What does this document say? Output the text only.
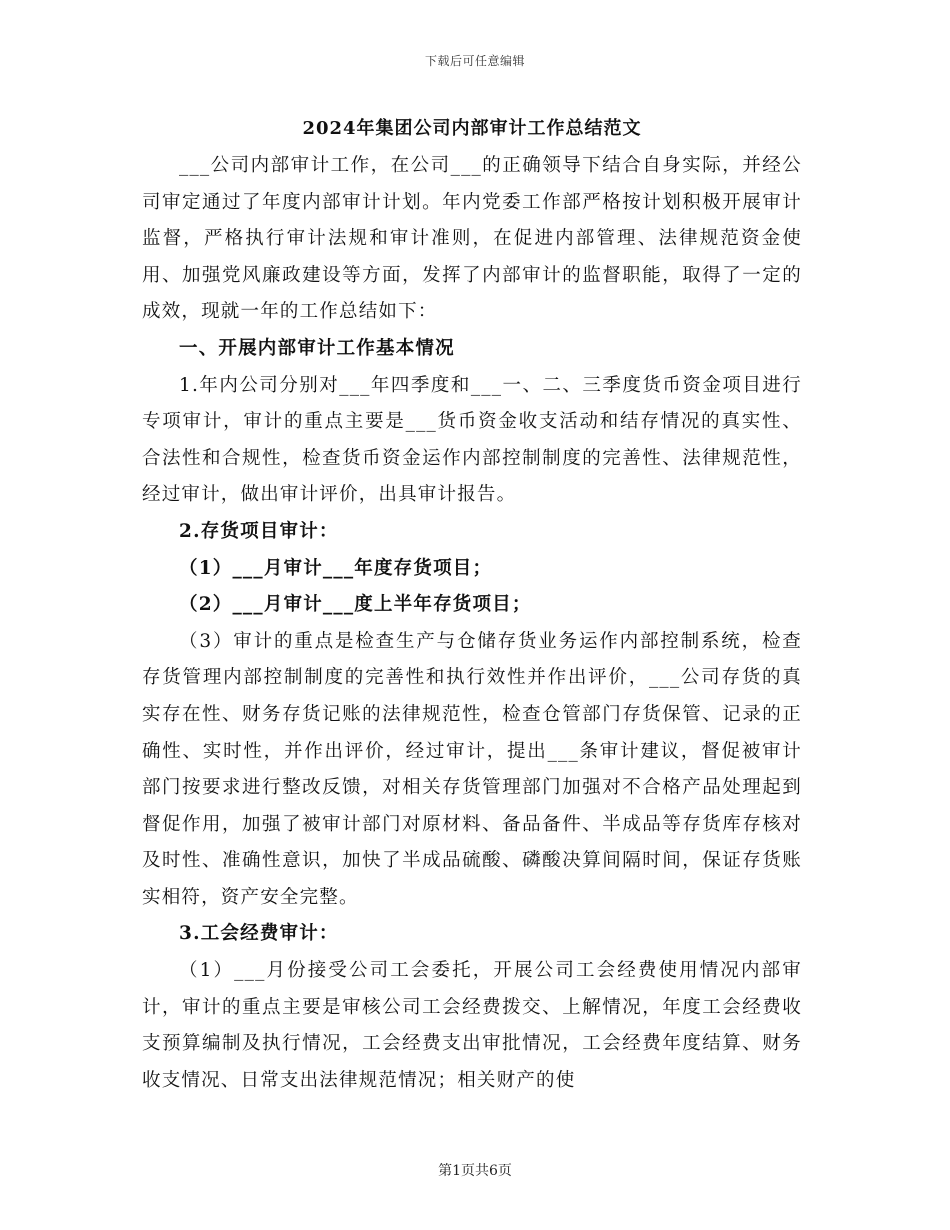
下载后可任意编辑

2024年集团公司内部审计工作总结范文

___公司内部审计工作，在公司___的正确领导下结合自身实际，并经公司审定通过了年度内部审计计划。年内党委工作部严格按计划积极开展审计监督，严格执行审计法规和审计准则，在促进内部管理、法律规范资金使用、加强党风廉政建设等方面，发挥了内部审计的监督职能，取得了一定的成效，现就一年的工作总结如下：

一、开展内部审计工作基本情况

1.年内公司分别对___年四季度和___一、二、三季度货币资金项目进行专项审计，审计的重点主要是___货币资金收支活动和结存情况的真实性、合法性和合规性，检查货币资金运作内部控制制度的完善性、法律规范性，经过审计，做出审计评价，出具审计报告。

2.存货项目审计：

（1）___月审计___年度存货项目；

（2）___月审计___度上半年存货项目；

（3）审计的重点是检查生产与仓储存货业务运作内部控制系统，检查存货管理内部控制制度的完善性和执行效性并作出评价，___公司存货的真实存在性、财务存货记账的法律规范性，检查仓管部门存货保管、记录的正确性、实时性，并作出评价，经过审计，提出___条审计建议，督促被审计部门按要求进行整改反馈，对相关存货管理部门加强对不合格产品处理起到督促作用，加强了被审计部门对原材料、备品备件、半成品等存货库存核对及时性、准确性意识，加快了半成品硫酸、磷酸决算间隔时间，保证存货账实相符，资产安全完整。

3.工会经费审计：

（1）___月份接受公司工会委托，开展公司工会经费使用情况内部审计，审计的重点主要是审核公司工会经费拨交、上解情况，年度工会经费收支预算编制及执行情况，工会经费支出审批情况，工会经费年度结算、财务收支情况、日常支出法律规范情况；相关财产的使

第1页共6页
